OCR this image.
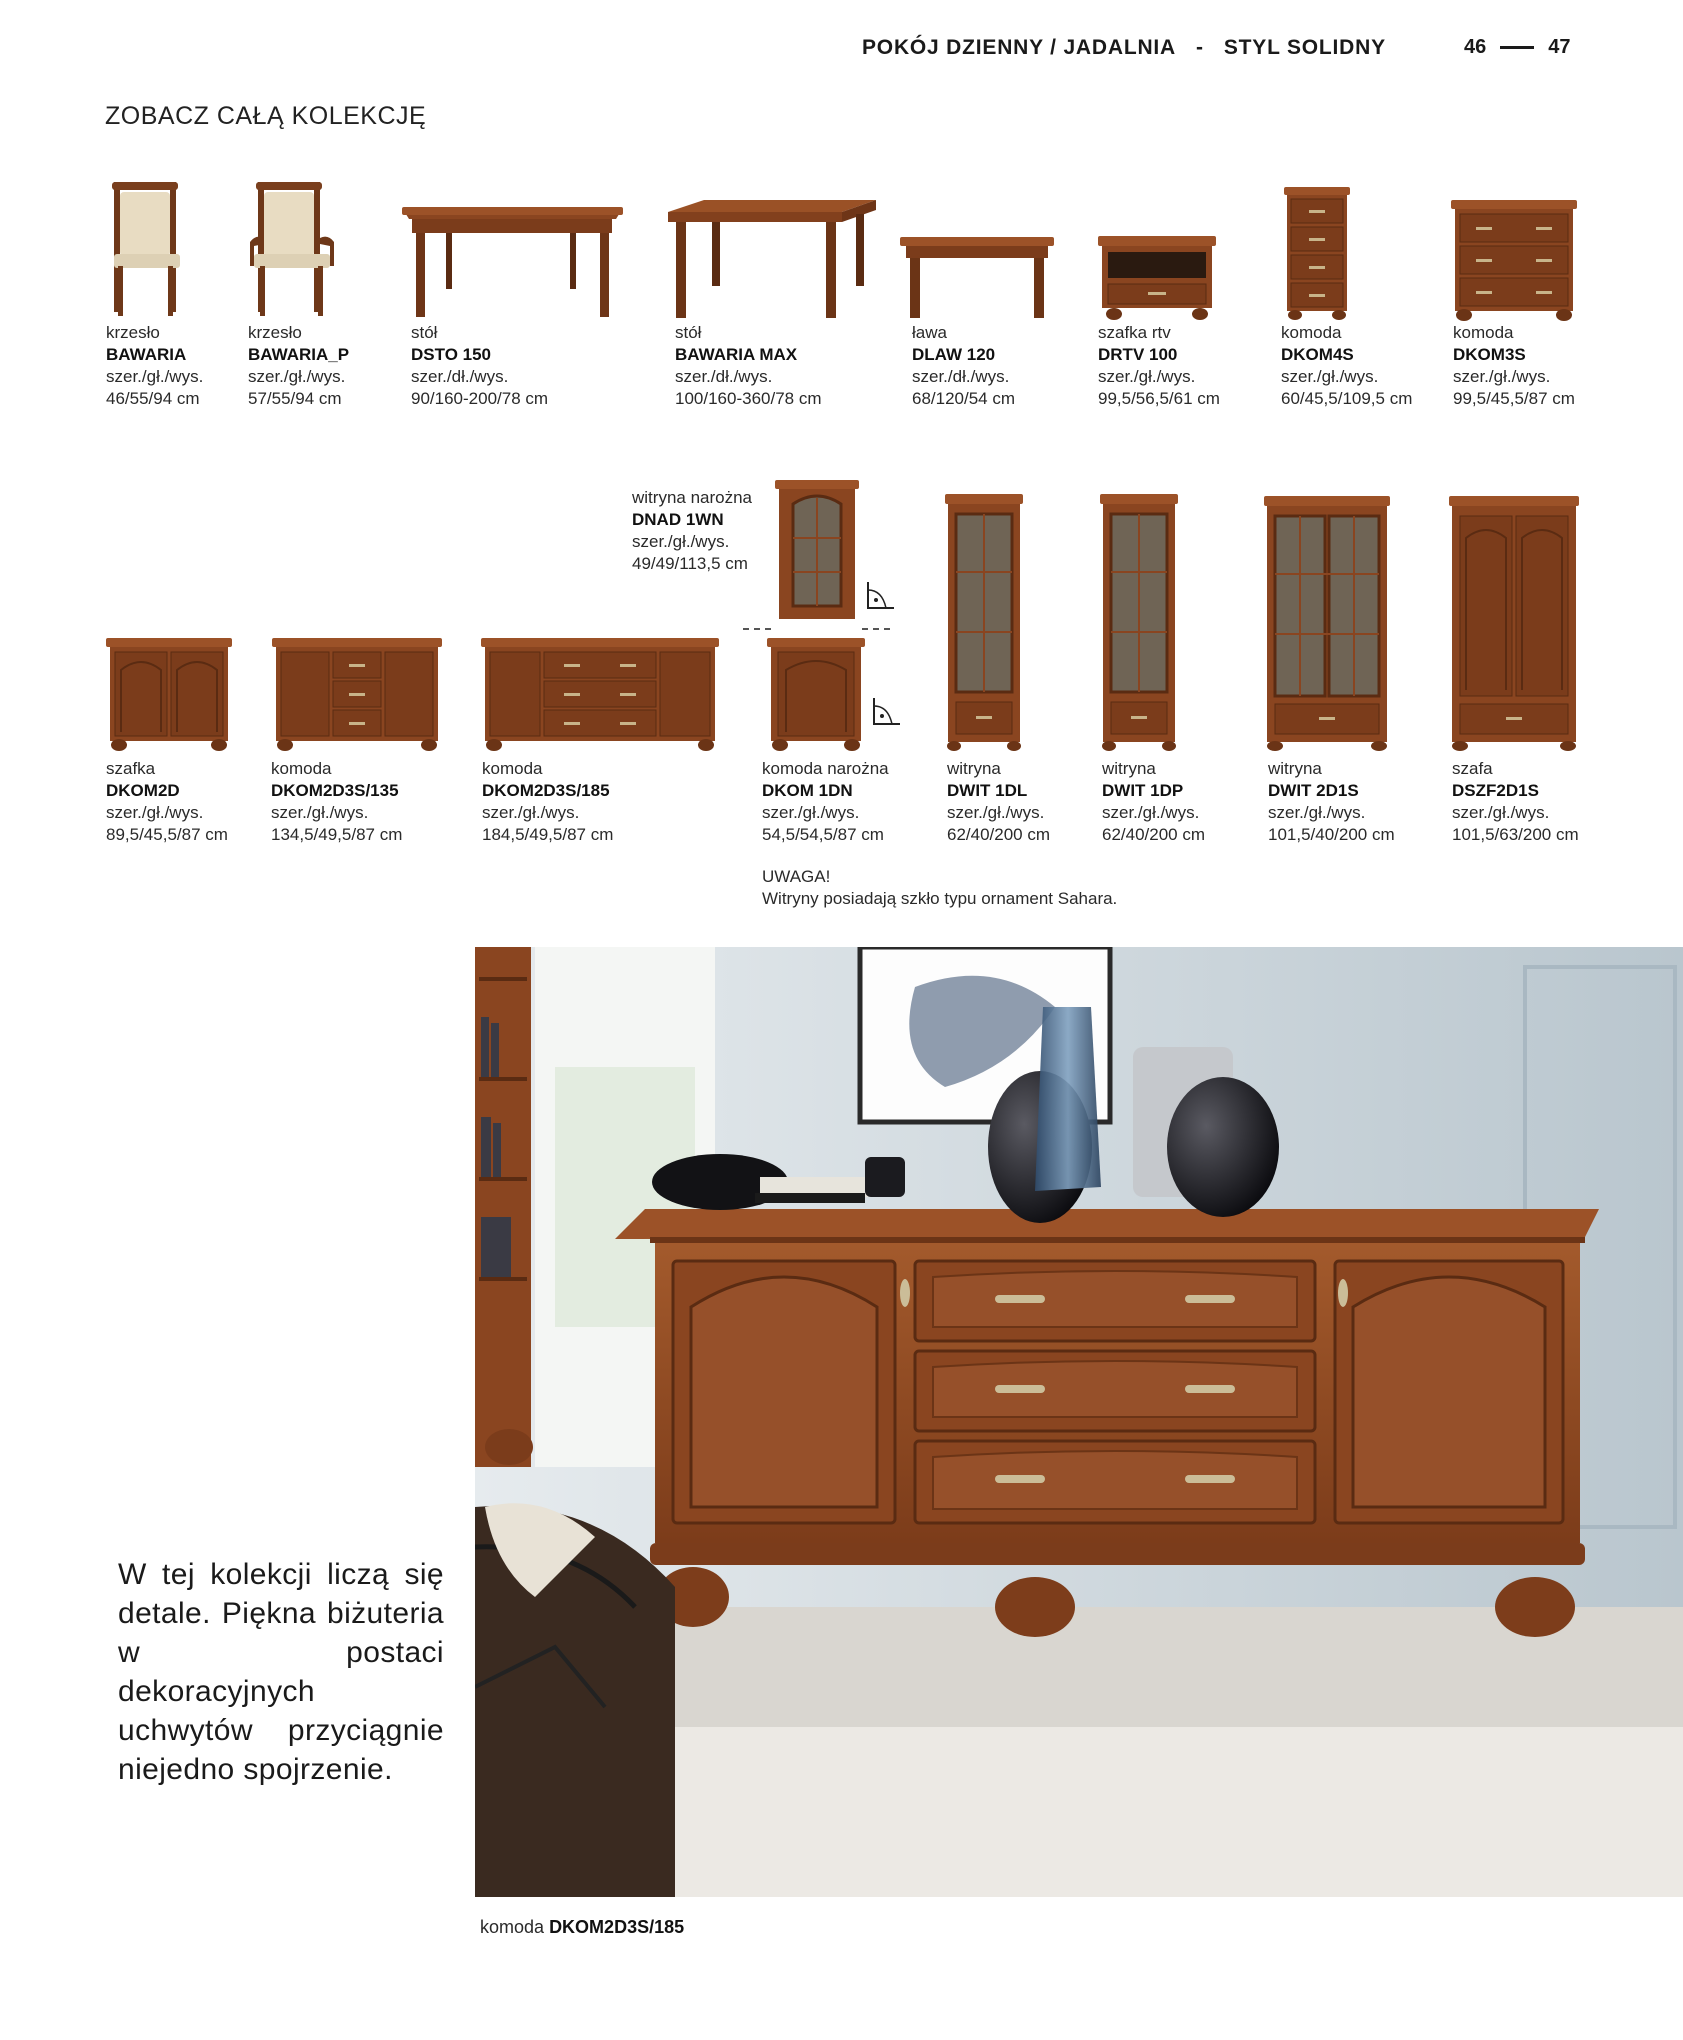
POKÓJ DZIENNY / JADALNIA - STYL SOLIDNY	46	47
ZOBACZ CAŁĄ KOLEKCJĘ
krzesło
BAWARIA
szer./gł./wys.
46/55/94 cm
krzesło
BAWARIA_P
szer./gł./wys.
57/55/94 cm
stół
DSTO 150
szer./dł./wys.
90/160-200/78 cm
stół
BAWARIA MAX
szer./dł./wys.
100/160-360/78 cm
ława
DLAW 120
szer./dł./wys.
68/120/54 cm
szafka rtv
DRTV 100
szer./gł./wys.
99,5/56,5/61 cm
komoda
DKOM4S
szer./gł./wys.
60/45,5/109,5 cm
komoda
DKOM3S
szer./gł./wys.
99,5/45,5/87 cm
witryna narożna
DNAD 1WN
szer./gł./wys.
49/49/113,5 cm
szafka
DKOM2D
szer./gł./wys.
89,5/45,5/87 cm
komoda
DKOM2D3S/135
szer./gł./wys.
134,5/49,5/87 cm
komoda
DKOM2D3S/185
szer./gł./wys.
184,5/49,5/87 cm
komoda narożna
DKOM 1DN
szer./gł./wys.
54,5/54,5/87 cm
witryna
DWIT 1DL
szer./gł./wys.
62/40/200 cm
witryna
DWIT 1DP
szer./gł./wys.
62/40/200 cm
witryna
DWIT 2D1S
szer./gł./wys.
101,5/40/200 cm
szafa
DSZF2D1S
szer./gł./wys.
101,5/63/200 cm
UWAGA!
Witryny posiadają szkło typu ornament Sahara.
komoda DKOM2D3S/185
W tej kolekcji liczą się detale. Piękna biżuteria w postaci dekoracyjnych uchwytów przyciągnie niejedno spojrzenie.
